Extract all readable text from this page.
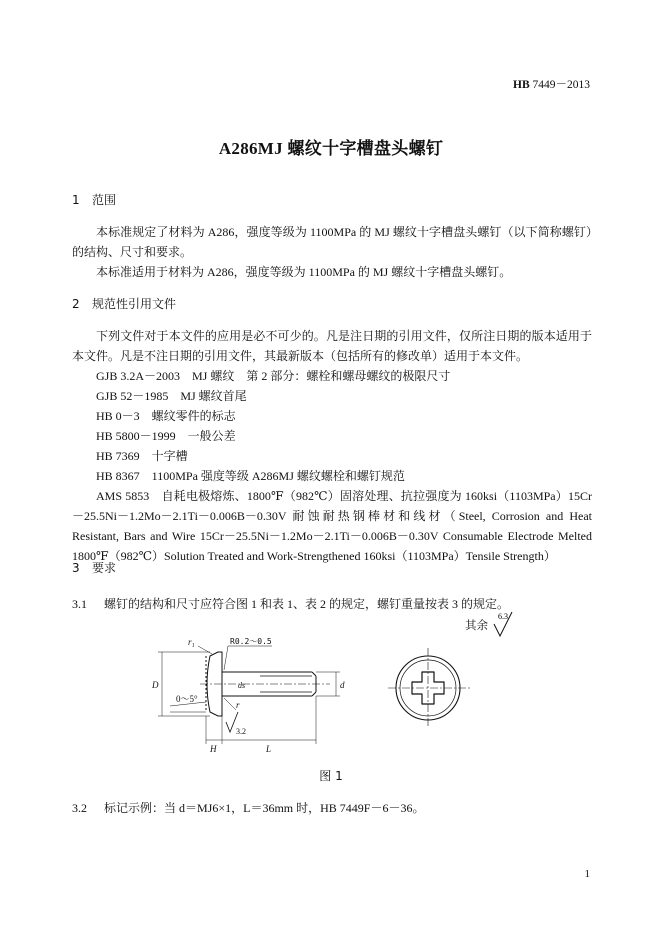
HB 7449－2013
A286MJ 螺纹十字槽盘头螺钉
1 范围

本标准规定了材料为 A286，强度等级为 1100MPa 的 MJ 螺纹十字槽盘头螺钉（以下简称螺钉）的结构、尺寸和要求。

本标准适用于材料为 A286，强度等级为 1100MPa 的 MJ 螺纹十字槽盘头螺钉。

2 规范性引用文件

下列文件对于本文件的应用是必不可少的。凡是注日期的引用文件，仅所注日期的版本适用于本文件。凡是不注日期的引用文件，其最新版本（包括所有的修改单）适用于本文件。

GJB 3.2A－2003　MJ 螺纹　第 2 部分：螺栓和螺母螺纹的极限尺寸

GJB 52－1985　MJ 螺纹首尾

HB 0－3　螺纹零件的标志

HB 5800－1999　一般公差

HB 7369　十字槽

HB 8367　1100MPa 强度等级 A286MJ 螺纹螺栓和螺钉规范

AMS 5853　自耗电极熔炼、1800℉（982℃）固溶处理、抗拉强度为 160ksi（1103MPa）15Cr－25.5Ni－1.2Mo－2.1Ti－0.006B－0.30V 耐蚀耐热钢棒材和线材（Steel, Corrosion and Heat Resistant, Bars and Wire 15Cr－25.5Ni－1.2Mo－2.1Ti－0.006B－0.30V Consumable Electrode Melted 1800℉（982℃）Solution Treated and Work-Strengthened 160ksi（1103MPa）Tensile Strength）

3 要求
3.1 螺钉的结构和尺寸应符合图 1 和表 1、表 2 的规定，螺钉重量按表 3 的规定。
其余
6.3
r₁	R0.2～0.5
D
0～5°
ds	d
r
3.2
H	L
图 1
3.2 标记示例：当 d＝MJ6×1，L＝36mm 时，HB 7449F－6－36。
1
